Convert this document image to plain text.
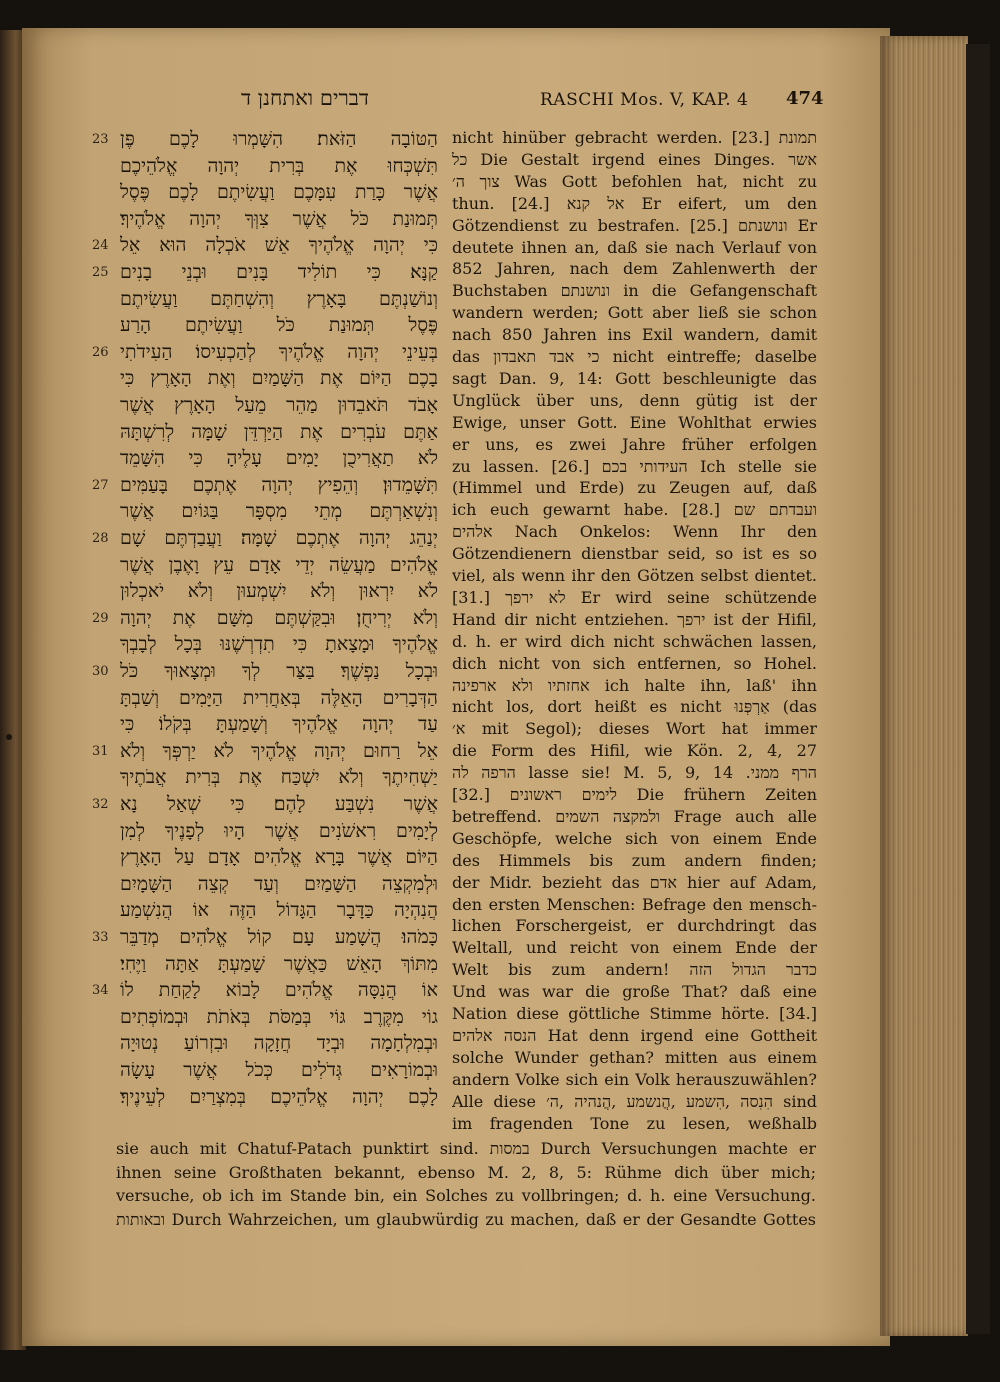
דברים ואתחנן ד	RASCHI Mos. V, KAP. 4	474
23 הַטּוֹבָה הַזֹּאת׃ הִשָּׁמְרוּ לָכֶם פֶּן
תִּשְׁכְּחוּ אֶת בְּרִית יְהוָה אֱלֹהֵיכֶם
אֲשֶׁר כָּרַת עִמָּכֶם וַעֲשִׂיתֶם לָכֶם פֶּסֶל
תְּמוּנַת כֹּל אֲשֶׁר צִוְּךָ יְהוָה אֱלֹהֶיךָ׃
24 כִּי יְהוָה אֱלֹהֶיךָ אֵשׁ אֹכְלָה הוּא אֵל
25 קַנָּא׃ כִּי תוֹלִיד בָּנִים וּבְנֵי בָנִים
וְנוֹשַׁנְתֶּם בָּאָרֶץ וְהִשְׁחַתֶּם וַעֲשִׂיתֶם
פֶּסֶל תְּמוּנַת כֹּל וַעֲשִׂיתֶם הָרַע
26 בְּעֵינֵי יְהוָה אֱלֹהֶיךָ לְהַכְעִיסוֹ׃ הַעִידֹתִי
בָכֶם הַיּוֹם אֶת הַשָּׁמַיִם וְאֶת הָאָרֶץ כִּי
אָבֹד תֹּאבֵדוּן מַהֵר מֵעַל הָאָרֶץ אֲשֶׁר
אַתֶּם עֹבְרִים אֶת הַיַּרְדֵּן שָׁמָּה לְרִשְׁתָּהּ
לֹא תַאֲרִיכֻן יָמִים עָלֶיהָ כִּי הִשָּׁמֵד
27 תִּשָּׁמֵדוּן׃ וְהֵפִיץ יְהוָה אֶתְכֶם בָּעַמִּים
וְנִשְׁאַרְתֶּם מְתֵי מִסְפָּר בַּגּוֹיִם אֲשֶׁר
28 יְנַהֵג יְהוָה אֶתְכֶם שָׁמָּה׃ וַעֲבַדְתֶּם שָׁם
אֱלֹהִים מַעֲשֵׂה יְדֵי אָדָם עֵץ וָאֶבֶן אֲשֶׁר
לֹא יִרְאוּן וְלֹא יִשְׁמְעוּן וְלֹא יֹאכְלוּן
29 וְלֹא יְרִיחֻן׃ וּבִקַּשְׁתֶּם מִשָּׁם אֶת יְהוָה
אֱלֹהֶיךָ וּמָצָאתָ כִּי תִדְרְשֶׁנּוּ בְּכָל לְבָבְךָ
30 וּבְכָל נַפְשֶׁךָ׃ בַּצַּר לְךָ וּמְצָאוּךָ כֹּל
הַדְּבָרִים הָאֵלֶּה בְּאַחֲרִית הַיָּמִים וְשַׁבְתָּ
עַד יְהוָה אֱלֹהֶיךָ וְשָׁמַעְתָּ בְּקֹלוֹ׃ כִּי
31 אֵל רַחוּם יְהוָה אֱלֹהֶיךָ לֹא יַרְפְּךָ וְלֹא
יַשְׁחִיתֶךָ וְלֹא יִשְׁכַּח אֶת בְּרִית אֲבֹתֶיךָ
32 אֲשֶׁר נִשְׁבַּע לָהֶם׃ כִּי שְׁאַל נָא
לְיָמִים רִאשֹׁנִים אֲשֶׁר הָיוּ לְפָנֶיךָ לְמִן
הַיּוֹם אֲשֶׁר בָּרָא אֱלֹהִים אָדָם עַל הָאָרֶץ
וּלְמִקְצֵה הַשָּׁמַיִם וְעַד קְצֵה הַשָּׁמָיִם
הֲנִהְיָה כַּדָּבָר הַגָּדוֹל הַזֶּה אוֹ הֲנִשְׁמַע
33 כָּמֹהוּ׃ הֲשָׁמַע עָם קוֹל אֱלֹהִים מְדַבֵּר
מִתּוֹךְ הָאֵשׁ כַּאֲשֶׁר שָׁמַעְתָּ אַתָּה וַיֶּחִי׃
34 אוֹ הֲנִסָּה אֱלֹהִים לָבוֹא לָקַחַת לוֹ
גוֹי מִקֶּרֶב גּוֹי בְּמַסֹּת בְּאֹתֹת וּבְמוֹפְתִים
וּבְמִלְחָמָה וּבְיָד חֲזָקָה וּבִזְרוֹעַ נְטוּיָה
וּבְמוֹרָאִים גְּדֹלִים כְּכֹל אֲשֶׁר עָשָׂה
לָכֶם יְהוָה אֱלֹהֵיכֶם בְּמִצְרַיִם לְעֵינֶיךָ׃
nicht hinüber gebracht werden. [23.] תמונת
כל Die Gestalt irgend eines Dinges. אשר
צוך ה׳ Was Gott befohlen hat, nicht zu
thun. [24.] אל קנא Er eifert, um den
Götzendienst zu bestrafen. [25.] ונושנתם Er
deutete ihnen an, daß sie nach Verlauf von
852 Jahren, nach dem Zahlenwerth der
Buchstaben ונושנתם in die Gefangenschaft
wandern werden; Gott aber ließ sie schon
nach 850 Jahren ins Exil wandern, damit
das כי אבד תאבדון nicht eintreffe; daselbe
sagt Dan. 9, 14: Gott beschleunigte das
Unglück über uns, denn gütig ist der
Ewige, unser Gott. Eine Wohlthat erwies
er uns, es zwei Jahre früher erfolgen
zu lassen. [26.] העידותי בכם Ich stelle sie
(Himmel und Erde) zu Zeugen auf, daß
ich euch gewarnt habe. [28.] ועבדתם שם
אלהים Nach Onkelos: Wenn Ihr den
Götzendienern dienstbar seid, so ist es so
viel, als wenn ihr den Götzen selbst dientet.
[31.] לא ירפך Er wird seine schützende
Hand dir nicht entziehen. ירפך ist der Hifil,
d. h. er wird dich nicht schwächen lassen,
dich nicht von sich entfernen, so Hohel.
אחזתיו ולא ארפינה ich halte ihn, laß' ihn
nicht los, dort heißt es nicht אַרְפְּנוּ (das
א׳ mit Segol); dieses Wort hat immer
die Form des Hifil, wie Kön. 2, 4, 27
הרפה לה lasse sie! M. 5, 9, 14 .הרף ממני
[32.] לימים ראשונים Die frühern Zeiten
betreffend. ולמקצה השמים Frage auch alle
Geschöpfe, welche sich von einem Ende
des Himmels bis zum andern finden;
der Midr. bezieht das אדם hier auf Adam,
den ersten Menschen: Befrage den mensch-
lichen Forschergeist, er durchdringt das
Weltall, und reicht von einem Ende der
Welt bis zum andern! כדבר הגדול הזה
Und was war die große That? daß eine
Nation diese göttliche Stimme hörte. [34.]
הנסה אלהים Hat denn irgend eine Gottheit
solche Wunder gethan? mitten aus einem
andern Volke sich ein Volk herauszuwählen?
Alle diese הִנִסה ,הִשמע ,הֲנשמע ,הֲנהיה ,ה׳ sind
im fragenden Tone zu lesen, weßhalb
sie auch mit Chatuf-Patach punktirt sind. במסות Durch Versuchungen machte er
ihnen seine Großthaten bekannt, ebenso M. 2, 8, 5: Rühme dich über mich;
versuche, ob ich im Stande bin, ein Solches zu vollbringen; d. h. eine Versuchung.
ובאותות Durch Wahrzeichen, um glaubwürdig zu machen, daß er der Gesandte Gottes
